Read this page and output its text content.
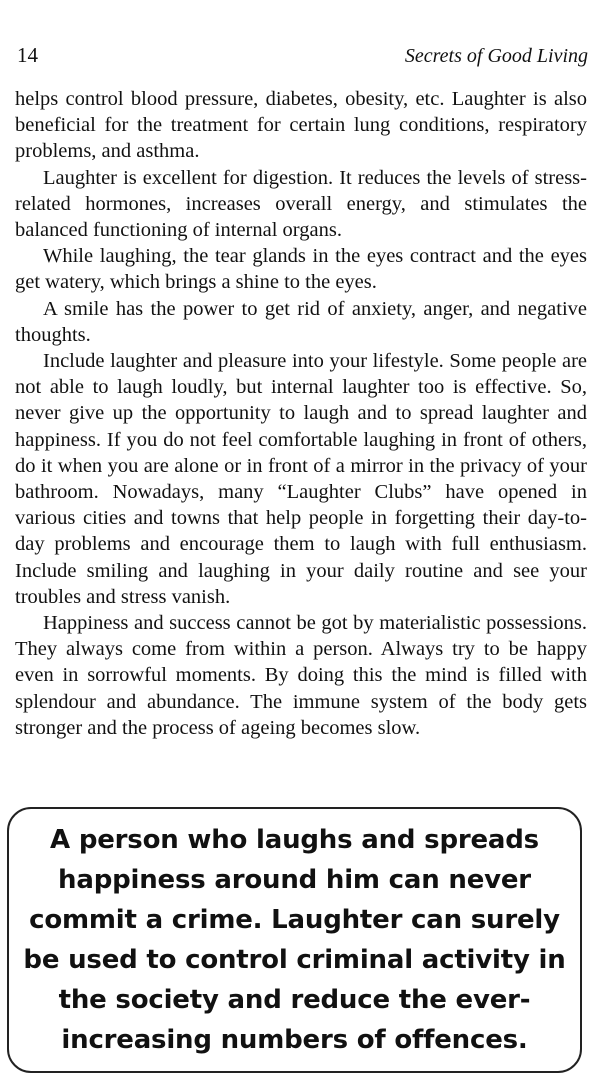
14	Secrets of Good Living

helps control blood pressure, diabetes, obesity, etc. Laughter is also beneficial for the treatment for certain lung conditions, respiratory problems, and asthma.

Laughter is excellent for digestion. It reduces the levels of stress-related hormones, increases overall energy, and stimulates the balanced functioning of internal organs.

While laughing, the tear glands in the eyes contract and the eyes get watery, which brings a shine to the eyes.

A smile has the power to get rid of anxiety, anger, and negative thoughts.

Include laughter and pleasure into your lifestyle. Some people are not able to laugh loudly, but internal laughter too is effective. So, never give up the opportunity to laugh and to spread laughter and happiness. If you do not feel comfortable laughing in front of others, do it when you are alone or in front of a mirror in the privacy of your bathroom. Nowadays, many “Laughter Clubs” have opened in various cities and towns that help people in forgetting their day-to-day problems and encourage them to laugh with full enthusiasm. Include smiling and laughing in your daily routine and see your troubles and stress vanish.

Happiness and success cannot be got by materialistic possessions. They always come from within a person. Always try to be happy even in sorrowful moments. By doing this the mind is filled with splendour and abundance. The immune system of the body gets stronger and the process of ageing becomes slow.

A person who laughs and spreads happiness around him can never commit a crime. Laughter can surely be used to control criminal activity in the society and reduce the ever-increasing numbers of offences.
